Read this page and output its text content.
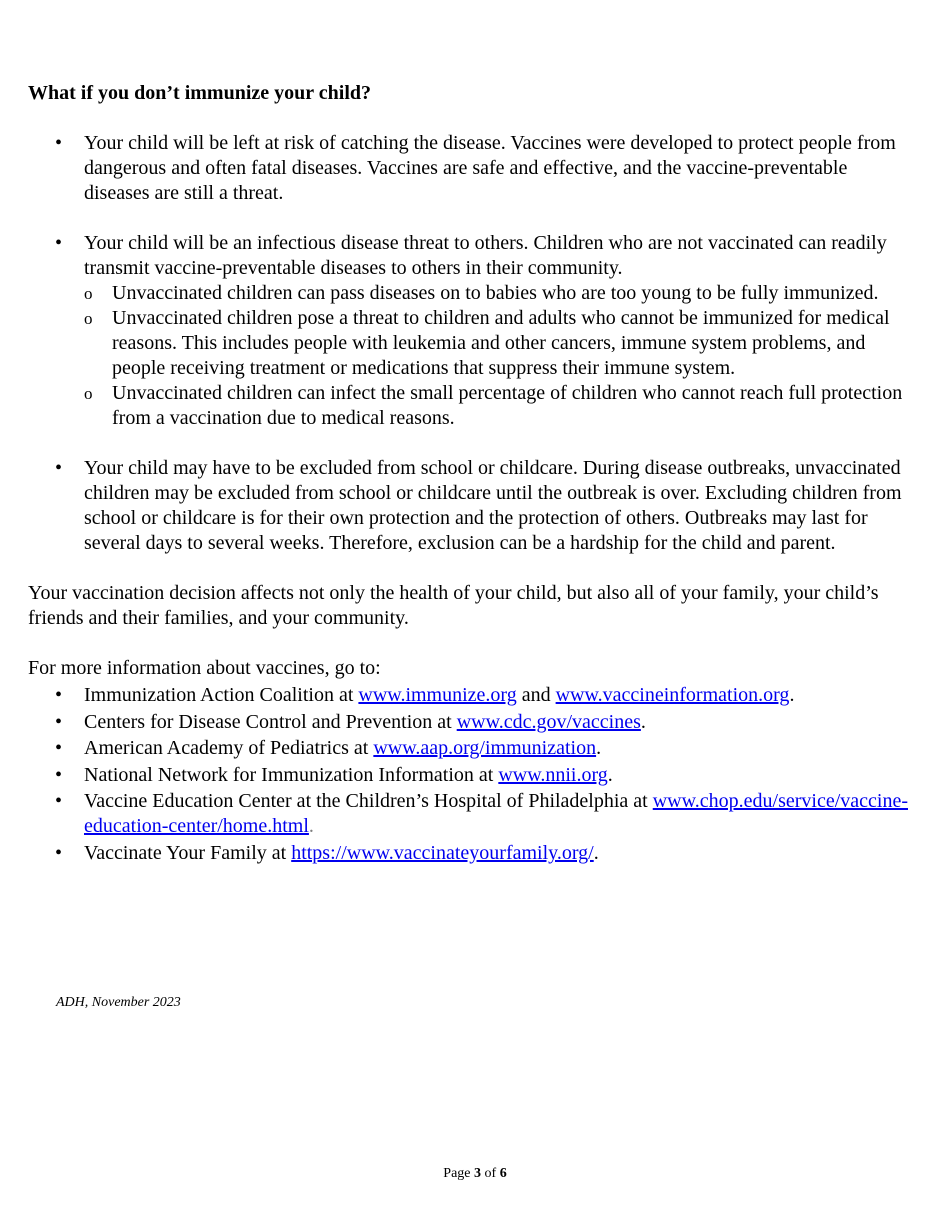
What if you don’t immunize your child?
• Your child will be left at risk of catching the disease. Vaccines were developed to protect people from dangerous and often fatal diseases. Vaccines are safe and effective, and the vaccine-preventable diseases are still a threat.
• Your child will be an infectious disease threat to others. Children who are not vaccinated can readily transmit vaccine-preventable diseases to others in their community.
o Unvaccinated children can pass diseases on to babies who are too young to be fully immunized.
o Unvaccinated children pose a threat to children and adults who cannot be immunized for medical reasons. This includes people with leukemia and other cancers, immune system problems, and people receiving treatment or medications that suppress their immune system.
o Unvaccinated children can infect the small percentage of children who cannot reach full protection from a vaccination due to medical reasons.
• Your child may have to be excluded from school or childcare. During disease outbreaks, unvaccinated children may be excluded from school or childcare until the outbreak is over. Excluding children from school or childcare is for their own protection and the protection of others. Outbreaks may last for several days to several weeks. Therefore, exclusion can be a hardship for the child and parent.

Your vaccination decision affects not only the health of your child, but also all of your family, your child’s friends and their families, and your community.

For more information about vaccines, go to:

• Immunization Action Coalition at www.immunize.org and www.vaccineinformation.org.
• Centers for Disease Control and Prevention at www.cdc.gov/vaccines.
• American Academy of Pediatrics at www.aap.org/immunization.
• National Network for Immunization Information at www.nnii.org.
• Vaccine Education Center at the Children’s Hospital of Philadelphia at www.chop.edu/service/vaccine-education-center/home.html.
• Vaccinate Your Family at https://www.vaccinateyourfamily.org/.
ADH, November 2023
Page 3 of 6
